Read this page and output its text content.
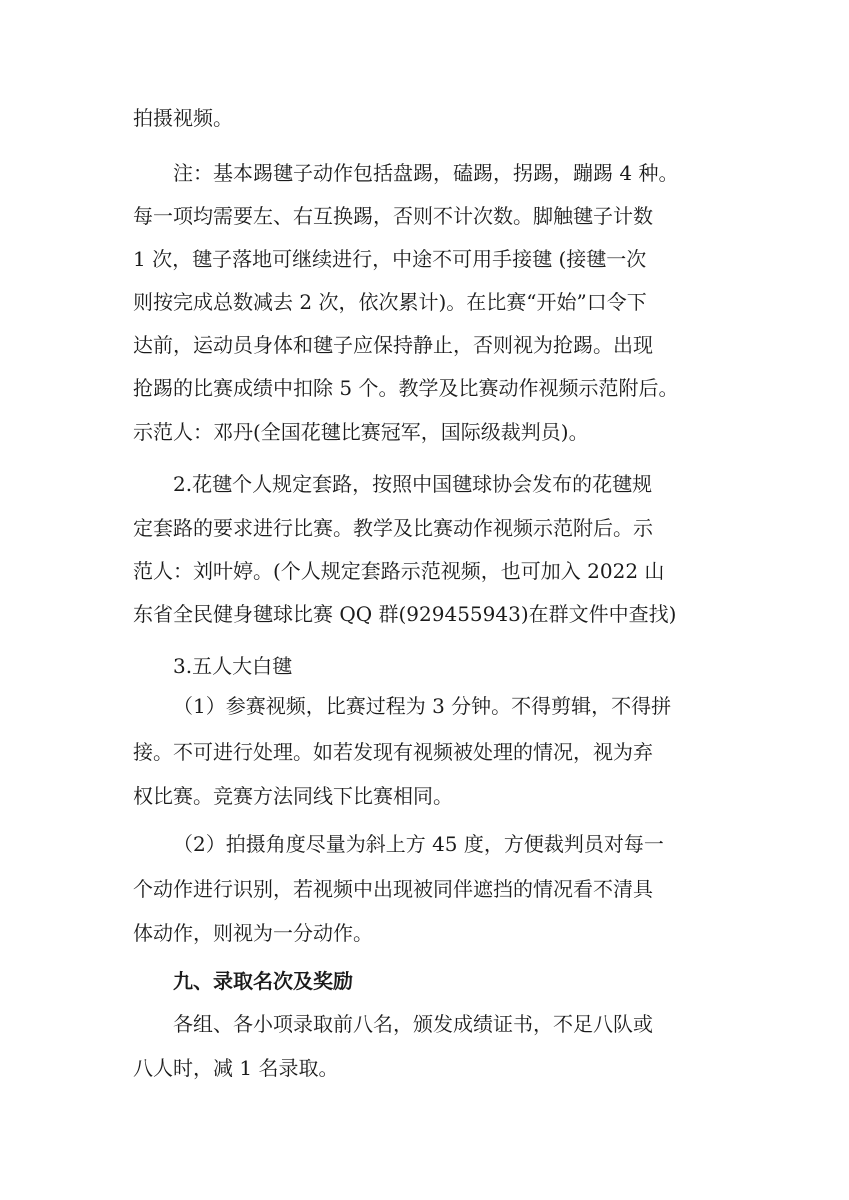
拍摄视频。
注：基本踢毽子动作包括盘踢，磕踢，拐踢，蹦踢 4 种。
每一项均需要左、右互换踢，否则不计次数。脚触毽子计数
1 次，毽子落地可继续进行，中途不可用手接毽 (接毽一次
则按完成总数减去 2 次，依次累计)。在比赛“开始”口令下
达前，运动员身体和毽子应保持静止，否则视为抢踢。出现
抢踢的比赛成绩中扣除 5 个。教学及比赛动作视频示范附后。
示范人：邓丹(全国花毽比赛冠军，国际级裁判员)。
2.花毽个人规定套路，按照中国毽球协会发布的花毽规
定套路的要求进行比赛。教学及比赛动作视频示范附后。示
范人：刘叶婷。(个人规定套路示范视频，也可加入 2022 山
东省全民健身毽球比赛 QQ 群(929455943)在群文件中查找)
3.五人大白毽
（1）参赛视频，比赛过程为 3 分钟。不得剪辑，不得拼
接。不可进行处理。如若发现有视频被处理的情况，视为弃
权比赛。竞赛方法同线下比赛相同。
（2）拍摄角度尽量为斜上方 45 度，方便裁判员对每一
个动作进行识别，若视频中出现被同伴遮挡的情况看不清具
体动作，则视为一分动作。
九、录取名次及奖励
各组、各小项录取前八名，颁发成绩证书，不足八队或
八人时，减 1 名录取。
